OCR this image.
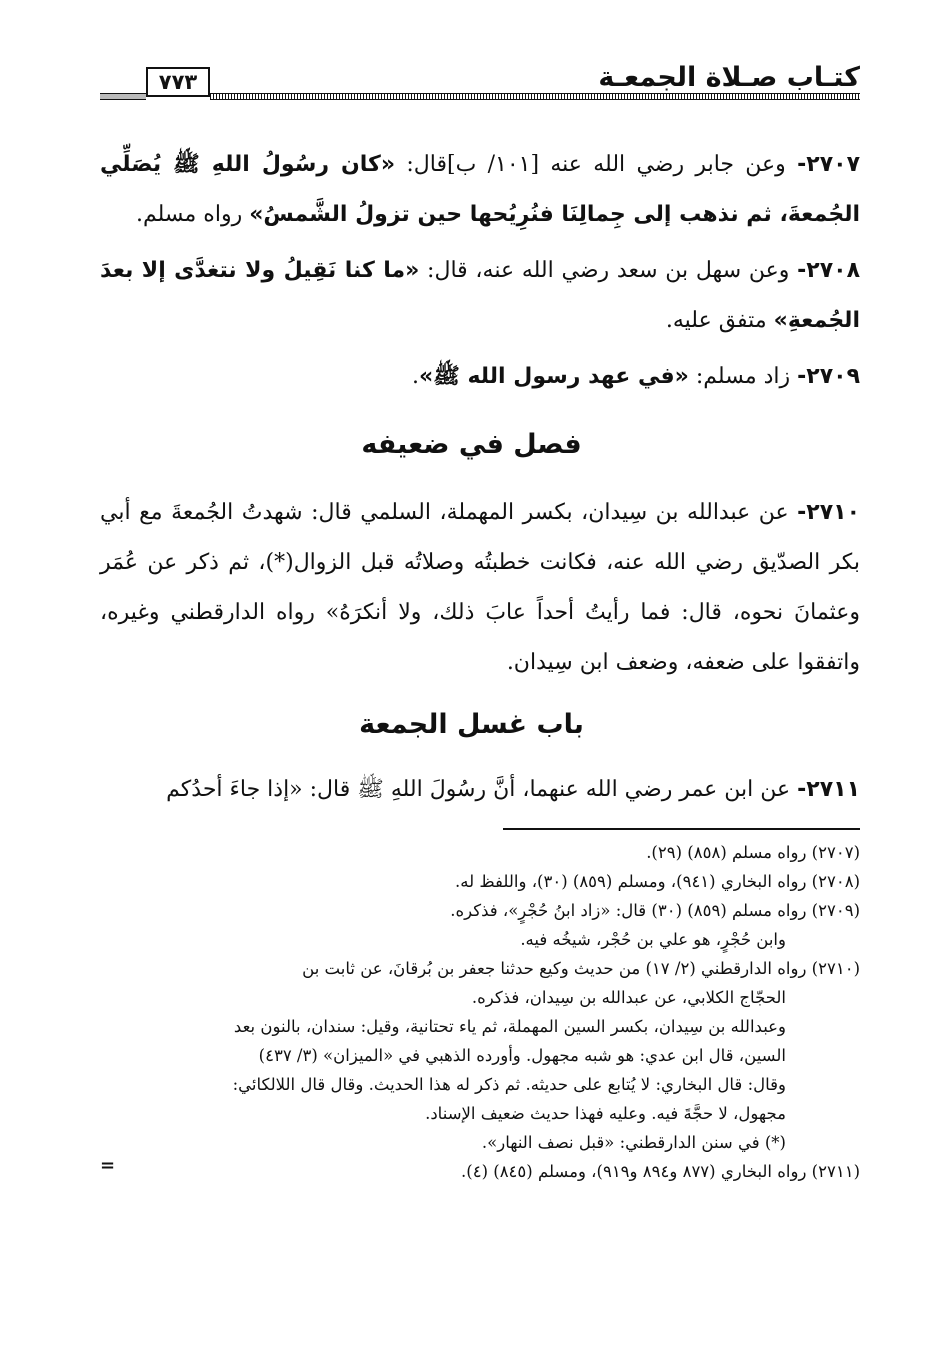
كتـاب صـلاة الجمعـة
٧٧٣

٢٧٠٧- وعن جابر رضي الله عنه [١٠١/ ب]قال: «كان رسُولُ اللهِ ﷺ يُصَلِّي الجُمعةَ، ثم نذهب إلى جِمالِنَا فنُرِيُحها حين تزولُ الشَّمسُ» رواه مسلم.

٢٧٠٨- وعن سهل بن سعد رضي الله عنه، قال: «ما كنا نَقِيلُ ولا نتغدَّى إلا بعدَ الجُمعةِ» متفق عليه.

٢٧٠٩- زاد مسلم: «في عهد رسول الله ﷺ».

فصل في ضعيفه

٢٧١٠- عن عبدالله بن سِيدان، بكسر المهملة، السلمي قال: شهدتُ الجُمعةَ مع أبي بكر الصدّيق رضي الله عنه، فكانت خطبتُه وصلاتُه قبل الزوال(*)، ثم ذكر عن عُمَر وعثمانَ نحوه، قال: فما رأيتُ أحداً عابَ ذلك، ولا أنكرَهُ» رواه الدارقطني وغيره، واتفقوا على ضعفه، وضعف ابن سِيدان.

باب غسل الجمعة

٢٧١١- عن ابن عمر رضي الله عنهما، أنَّ رسُولَ اللهِ ﷺ قال: «إذا جاءَ أحدُكم

(٢٧٠٧) رواه مسلم (٨٥٨) (٢٩).

(٢٧٠٨) رواه البخاري (٩٤١)، ومسلم (٨٥٩) (٣٠)، واللفظ له.

(٢٧٠٩) رواه مسلم (٨٥٩) (٣٠) قال: «زاد ابنُ حُجْرٍ»، فذكره.

وابن حُجْرٍ، هو علي بن حُجْر، شيخُه فيه.

(٢٧١٠) رواه الدارقطني (٢/ ١٧) من حديث وكيع حدثنا جعفر بن بُرقانَ، عن ثابت بن

الحجّاج الكلابي، عن عبدالله بن سِيدان، فذكره.

وعبدالله بن سِيدان، بكسر السين المهملة، ثم ياء تحتانية، وقيل: سندان، بالنون بعد

السين، قال ابن عدي: هو شبه مجهول. وأورده الذهبي في «الميزان» (٣/ ٤٣٧)

وقال: قال البخاري: لا يُتابع على حديثه. ثم ذكر له هذا الحديث. وقال قال اللالكائي:

مجهول، لا حجَّةَ فيه. وعليه فهذا حديث ضعيف الإسناد.

(*) في سنن الدارقطني: «قبل نصف النهار».

(٢٧١١) رواه البخاري (٨٧٧ و٨٩٤ و٩١٩)، ومسلم (٨٤٥) (٤).

=
